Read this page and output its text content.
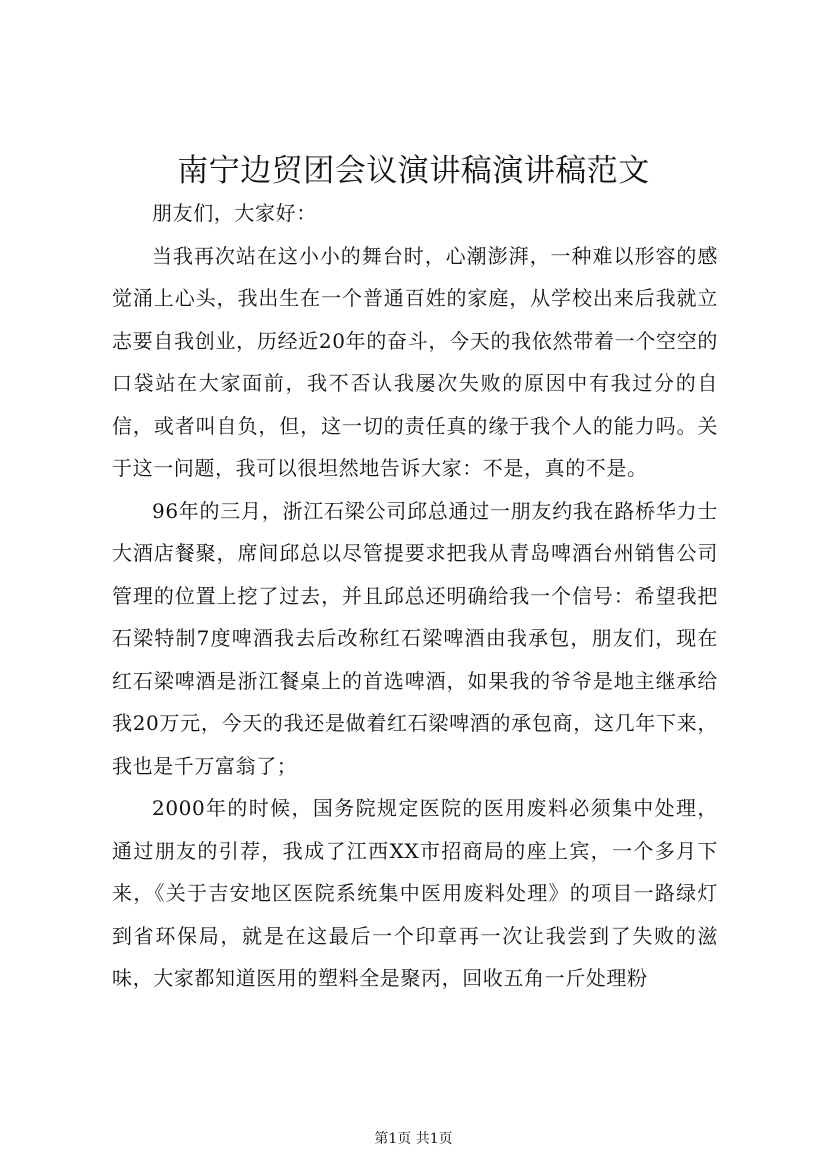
南宁边贸团会议演讲稿演讲稿范文

朋友们，大家好：

当我再次站在这小小的舞台时，心潮澎湃，一种难以形容的感觉涌上心头，我出生在一个普通百姓的家庭，从学校出来后我就立志要自我创业，历经近20年的奋斗，今天的我依然带着一个空空的口袋站在大家面前，我不否认我屡次失败的原因中有我过分的自信，或者叫自负，但，这一切的责任真的缘于我个人的能力吗。关于这一问题，我可以很坦然地告诉大家：不是，真的不是。

96年的三月，浙江石梁公司邱总通过一朋友约我在路桥华力士大酒店餐聚，席间邱总以尽管提要求把我从青岛啤酒台州销售公司管理的位置上挖了过去，并且邱总还明确给我一个信号：希望我把石梁特制7度啤酒我去后改称红石梁啤酒由我承包，朋友们，现在红石梁啤酒是浙江餐桌上的首选啤酒，如果我的爷爷是地主继承给我20万元，今天的我还是做着红石梁啤酒的承包商，这几年下来，我也是千万富翁了；

2000年的时候，国务院规定医院的医用废料必须集中处理，通过朋友的引荐，我成了江西XX市招商局的座上宾，一个多月下来，《关于吉安地区医院系统集中医用废料处理》的项目一路绿灯到省环保局，就是在这最后一个印章再一次让我尝到了失败的滋味，大家都知道医用的塑料全是聚丙，回收五角一斤处理粉

第1页 共1页
